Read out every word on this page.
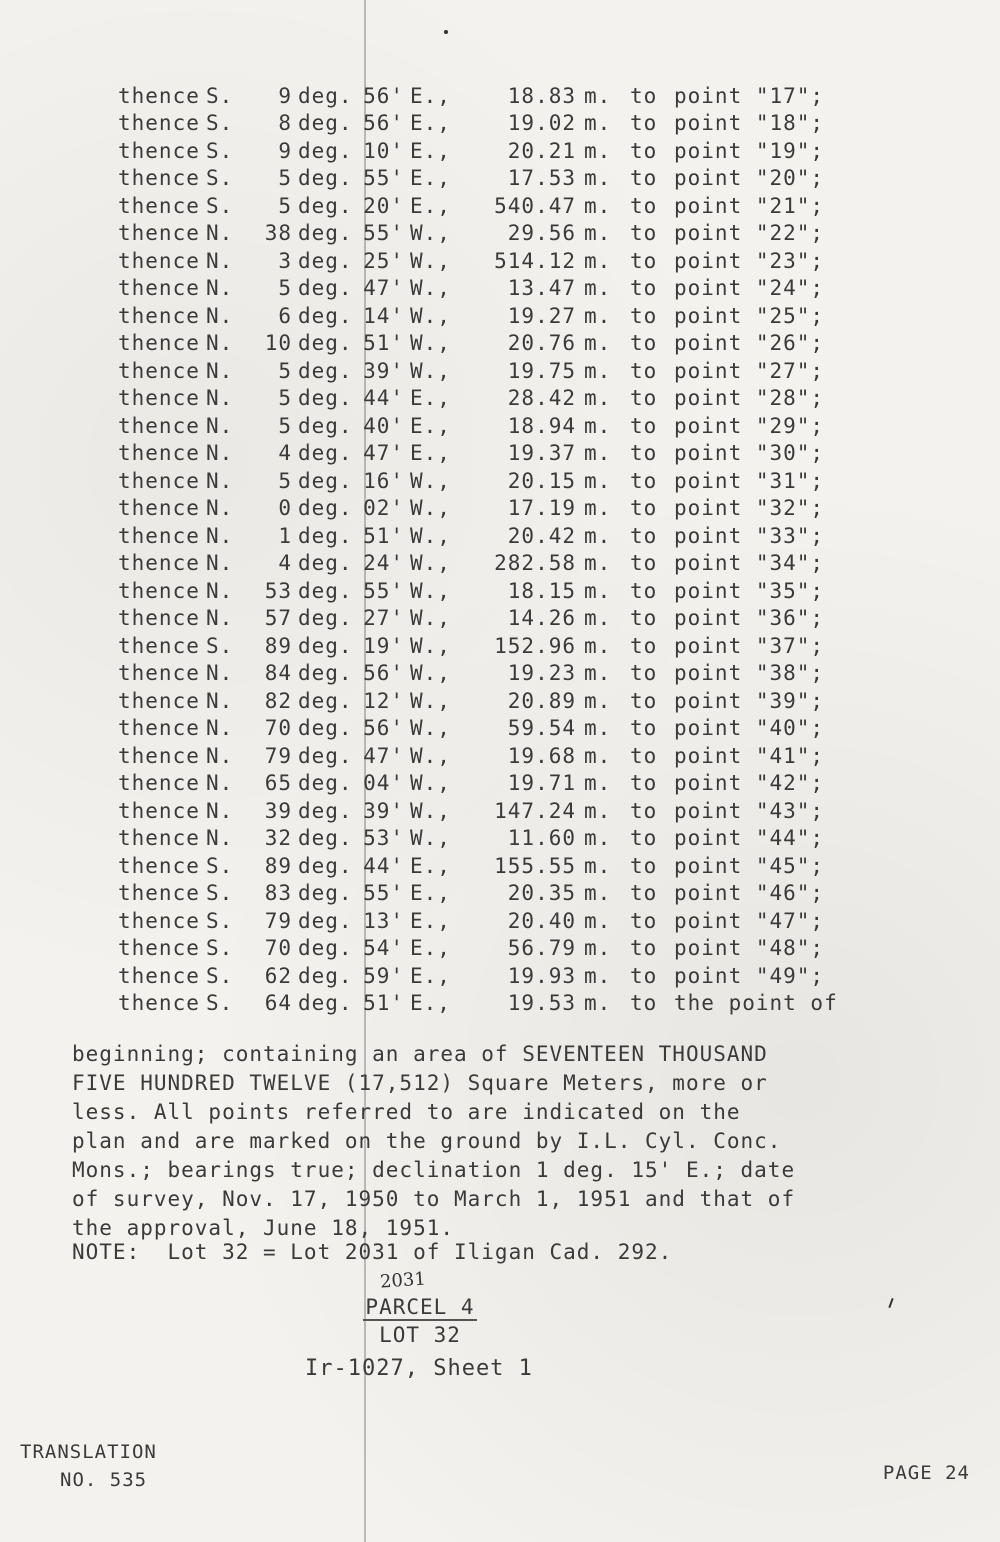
thence S.	9 deg. 56' E.,	18.83 m. to point "17";
thence S.	8 deg. 56' E.,	19.02 m. to point "18";
thence S.	9 deg. 10' E.,	20.21 m. to point "19";
thence S.	5 deg. 55' E.,	17.53 m. to point "20";
thence S.	5 deg. 20' E.,	540.47 m. to point "21";
thence N.	38 deg. 55' W.,	29.56 m. to point "22";
thence N.	3 deg. 25' W.,	514.12 m. to point "23";
thence N.	5 deg. 47' W.,	13.47 m. to point "24";
thence N.	6 deg. 14' W.,	19.27 m. to point "25";
thence N.	10 deg. 51' W.,	20.76 m. to point "26";
thence N.	5 deg. 39' W.,	19.75 m. to point "27";
thence N.	5 deg. 44' E.,	28.42 m. to point "28";
thence N.	5 deg. 40' E.,	18.94 m. to point "29";
thence N.	4 deg. 47' E.,	19.37 m. to point "30";
thence N.	5 deg. 16' W.,	20.15 m. to point "31";
thence N.	0 deg. 02' W.,	17.19 m. to point "32";
thence N.	1 deg. 51' W.,	20.42 m. to point "33";
thence N.	4 deg. 24' W.,	282.58 m. to point "34";
thence N.	53 deg. 55' W.,	18.15 m. to point "35";
thence N.	57 deg. 27' W.,	14.26 m. to point "36";
thence S.	89 deg. 19' W.,	152.96 m. to point "37";
thence N.	84 deg. 56' W.,	19.23 m. to point "38";
thence N.	82 deg. 12' W.,	20.89 m. to point "39";
thence N.	70 deg. 56' W.,	59.54 m. to point "40";
thence N.	79 deg. 47' W.,	19.68 m. to point "41";
thence N.	65 deg. 04' W.,	19.71 m. to point "42";
thence N.	39 deg. 39' W.,	147.24 m. to point "43";
thence N.	32 deg. 53' W.,	11.60 m. to point "44";
thence S.	89 deg. 44' E.,	155.55 m. to point "45";
thence S.	83 deg. 55' E.,	20.35 m. to point "46";
thence S.	79 deg. 13' E.,	20.40 m. to point "47";
thence S.	70 deg. 54' E.,	56.79 m. to point "48";
thence S.	62 deg. 59' E.,	19.93 m. to point "49";
thence S.	64 deg. 51' E.,	19.53 m. to the point of

beginning; containing an area of SEVENTEEN THOUSAND

FIVE HUNDRED TWELVE (17,512) Square Meters, more or

less. All points referred to are indicated on the

plan and are marked on the ground by I.L. Cyl. Conc.

Mons.; bearings true; declination 1 deg. 15' E.; date

of survey, Nov. 17, 1950 to March 1, 1951 and that of

the approval, June 18, 1951.

NOTE:  Lot 32 = Lot 2031 of Iligan Cad. 292.
2031
PARCEL 4
LOT 32
Ir-1027, Sheet 1
TRANSLATION
NO. 535	PAGE 24
